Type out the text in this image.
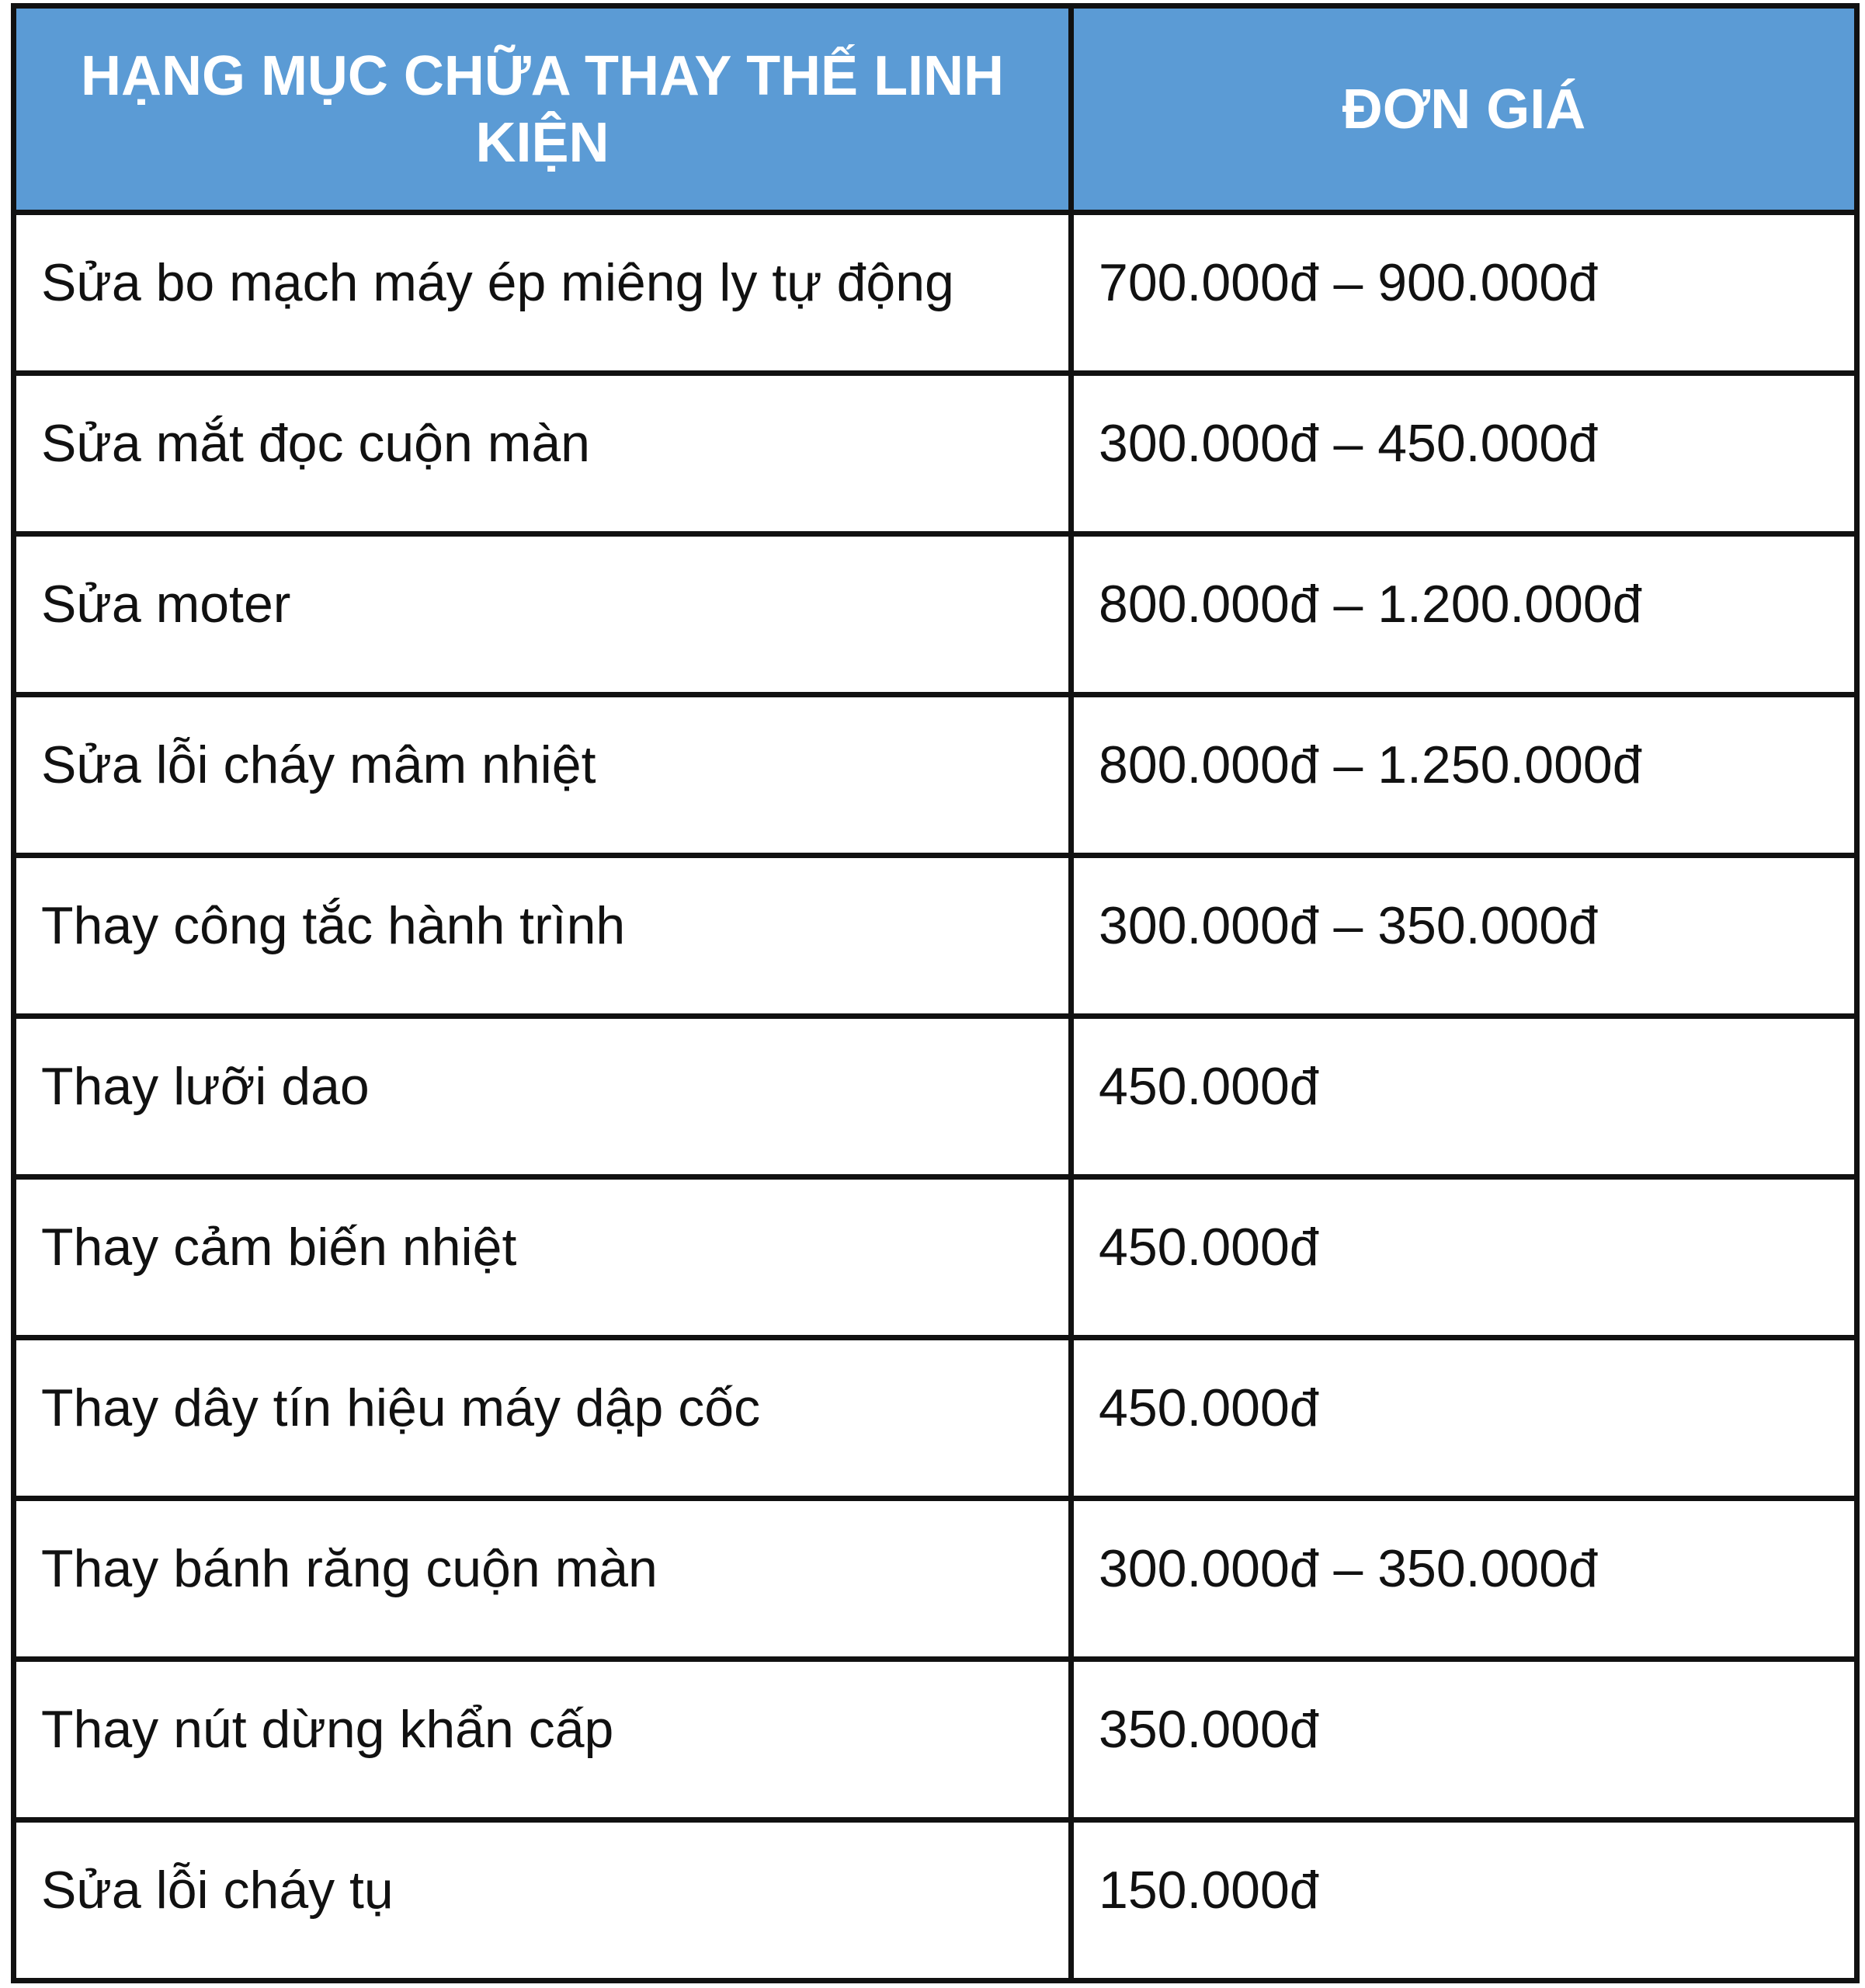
HẠNG MỤC CHỮA THAY THẾ LINH KIỆN	ĐƠN GIÁ
Sửa bo mạch máy ép miêng ly tự động	700.000đ – 900.000đ
Sửa mắt đọc cuộn màn	300.000đ – 450.000đ
Sửa moter	800.000đ – 1.200.000đ
Sửa lỗi cháy mâm nhiệt	800.000đ – 1.250.000đ
Thay công tắc hành trình	300.000đ – 350.000đ
Thay lưỡi dao	450.000đ
Thay cảm biến nhiệt	450.000đ
Thay dây tín hiệu máy dập cốc	450.000đ
Thay bánh răng cuộn màn	300.000đ – 350.000đ
Thay nút dừng khẩn cấp	350.000đ
Sửa lỗi cháy tụ	150.000đ
